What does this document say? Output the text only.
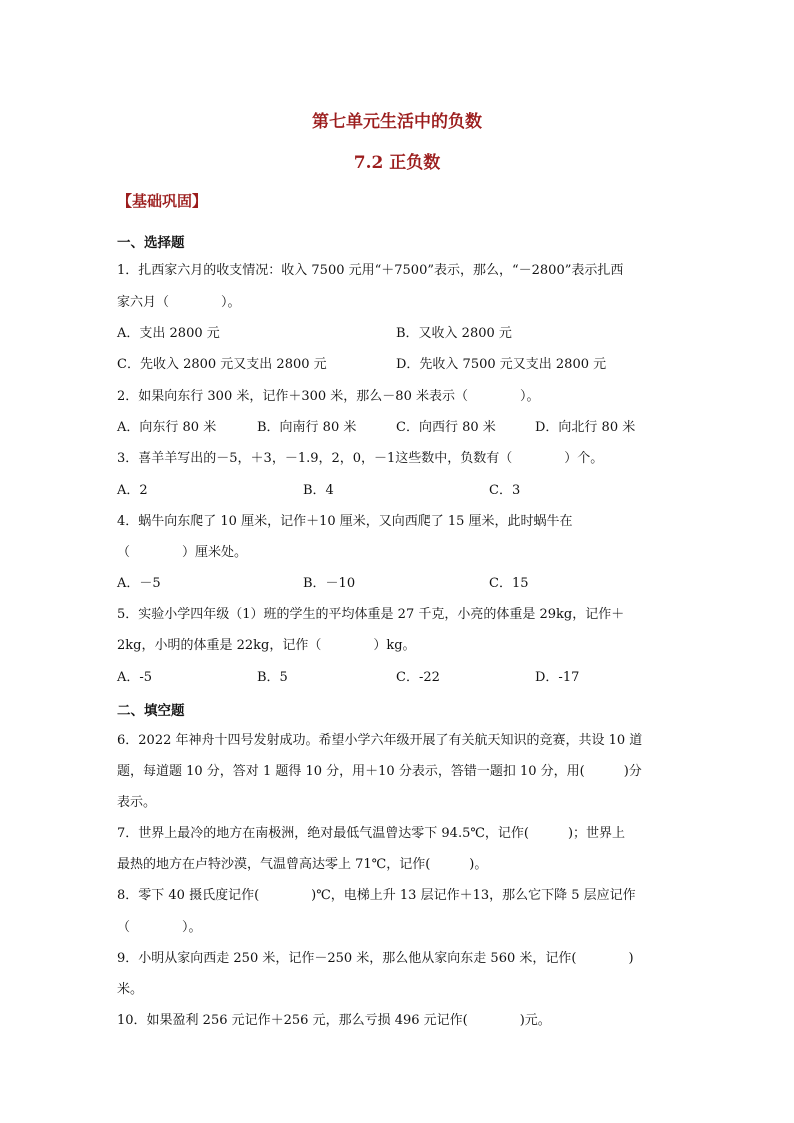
第七单元生活中的负数
7.2 正负数
【基础巩固】
一、选择题
1．扎西家六月的收支情况：收入 7500 元用“＋7500”表示，那么，“－2800”表示扎西
家六月（　　　　）。
A．支出 2800 元	B．又收入 2800 元
C．先收入 2800 元又支出 2800 元	D．先收入 7500 元又支出 2800 元
2．如果向东行 300 米，记作＋300 米，那么－80 米表示（　　　　）。
A．向东行 80 米	B．向南行 80 米	C．向西行 80 米	D．向北行 80 米
3．喜羊羊写出的－5，＋3，－1.9，2，0，－1这些数中，负数有（　　　　）个。
A．2	B．4	C．3
4．蜗牛向东爬了 10 厘米，记作＋10 厘米，又向西爬了 15 厘米，此时蜗牛在
（　　　　）厘米处。
A．－5	B．－10	C．15
5．实验小学四年级（1）班的学生的平均体重是 27 千克，小亮的体重是 29kg，记作＋
2kg，小明的体重是 22kg，记作（　　　　）kg。
A．-5	B．5	C．-22	D．-17
二、填空题
6．2022 年神舟十四号发射成功。希望小学六年级开展了有关航天知识的竞赛，共设 10 道
题，每道题 10 分，答对 1 题得 10 分，用＋10 分表示，答错一题扣 10 分，用(　　　)分
表示。
7．世界上最冷的地方在南极洲，绝对最低气温曾达零下 94.5℃，记作(　　　)；世界上
最热的地方在卢特沙漠，气温曾高达零上 71℃，记作(　　　)。
8．零下 40 摄氏度记作(　　　　)℃，电梯上升 13 层记作＋13，那么它下降 5 层应记作
（　　　　）。
9．小明从家向西走 250 米，记作－250 米，那么他从家向东走 560 米，记作(　　　　)
米。
10．如果盈利 256 元记作＋256 元，那么亏损 496 元记作(　　　　)元。
